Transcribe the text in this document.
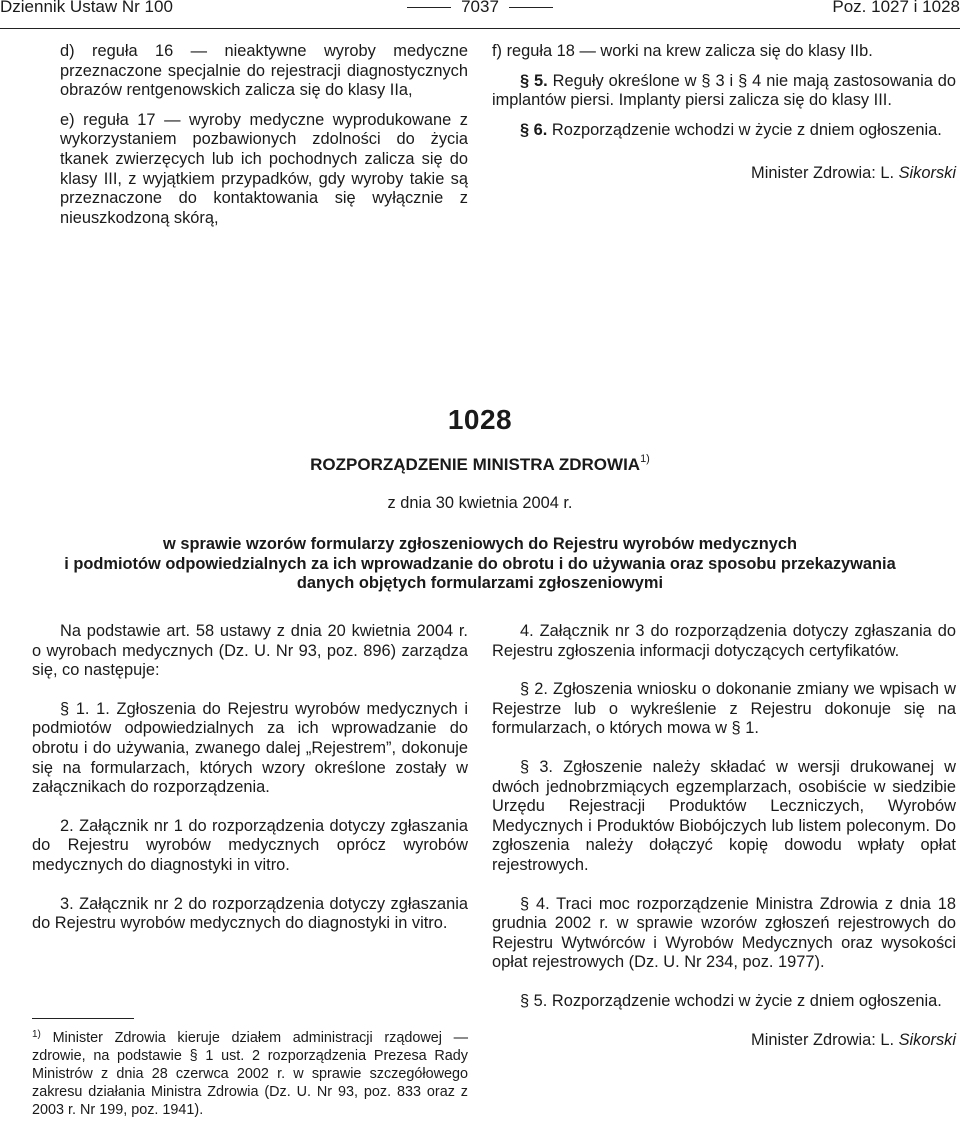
Dziennik Ustaw Nr 100	7037	Poz. 1027 i 1028

d) reguła 16 — nieaktywne wyroby medyczne przeznaczone specjalnie do rejestracji diagnostycznych obrazów rentgenowskich zalicza się do klasy IIa,

e) reguła 17 — wyroby medyczne wyprodukowane z wykorzystaniem pozbawionych zdolności do życia tkanek zwierzęcych lub ich pochodnych zalicza się do klasy III, z wyjątkiem przypadków, gdy wyroby takie są przeznaczone do kontaktowania się wyłącznie z nieuszkodzoną skórą,

f) reguła 18 — worki na krew zalicza się do klasy IIb.

§ 5. Reguły określone w § 3 i § 4 nie mają zastosowania do implantów piersi. Implanty piersi zalicza się do klasy III.

§ 6. Rozporządzenie wchodzi w życie z dniem ogłoszenia.

Minister Zdrowia: L. Sikorski

1028
ROZPORZĄDZENIE MINISTRA ZDROWIA$^{1)}$
z dnia 30 kwietnia 2004 r.
w sprawie wzorów formularzy zgłoszeniowych do Rejestru wyrobów medycznych
i podmiotów odpowiedzialnych za ich wprowadzanie do obrotu i do używania oraz sposobu przekazywania
danych objętych formularzami zgłoszeniowymi

Na podstawie art. 58 ustawy z dnia 20 kwietnia 2004 r. o wyrobach medycznych (Dz. U. Nr 93, poz. 896) zarządza się, co następuje:

§ 1. 1. Zgłoszenia do Rejestru wyrobów medycznych i podmiotów odpowiedzialnych za ich wprowadzanie do obrotu i do używania, zwanego dalej „Rejestrem”, dokonuje się na formularzach, których wzory określone zostały w załącznikach do rozporządzenia.

2. Załącznik nr 1 do rozporządzenia dotyczy zgłaszania do Rejestru wyrobów medycznych oprócz wyrobów medycznych do diagnostyki in vitro.

3. Załącznik nr 2 do rozporządzenia dotyczy zgłaszania do Rejestru wyrobów medycznych do diagnostyki in vitro.

4. Załącznik nr 3 do rozporządzenia dotyczy zgłaszania do Rejestru zgłoszenia informacji dotyczących certyfikatów.

§ 2. Zgłoszenia wniosku o dokonanie zmiany we wpisach w Rejestrze lub o wykreślenie z Rejestru dokonuje się na formularzach, o których mowa w § 1.

§ 3. Zgłoszenie należy składać w wersji drukowanej w dwóch jednobrzmiących egzemplarzach, osobiście w siedzibie Urzędu Rejestracji Produktów Leczniczych, Wyrobów Medycznych i Produktów Biobójczych lub listem poleconym. Do zgłoszenia należy dołączyć kopię dowodu wpłaty opłat rejestrowych.

§ 4. Traci moc rozporządzenie Ministra Zdrowia z dnia 18 grudnia 2002 r. w sprawie wzorów zgłoszeń rejestrowych do Rejestru Wytwórców i Wyrobów Medycznych oraz wysokości opłat rejestrowych (Dz. U. Nr 234, poz. 1977).

§ 5. Rozporządzenie wchodzi w życie z dniem ogłoszenia.

Minister Zdrowia: L. Sikorski

$^{1)}$ Minister Zdrowia kieruje działem administracji rządowej — zdrowie, na podstawie § 1 ust. 2 rozporządzenia Prezesa Rady Ministrów z dnia 28 czerwca 2002 r. w sprawie szczegółowego zakresu działania Ministra Zdrowia (Dz. U. Nr 93, poz. 833 oraz z 2003 r. Nr 199, poz. 1941).
